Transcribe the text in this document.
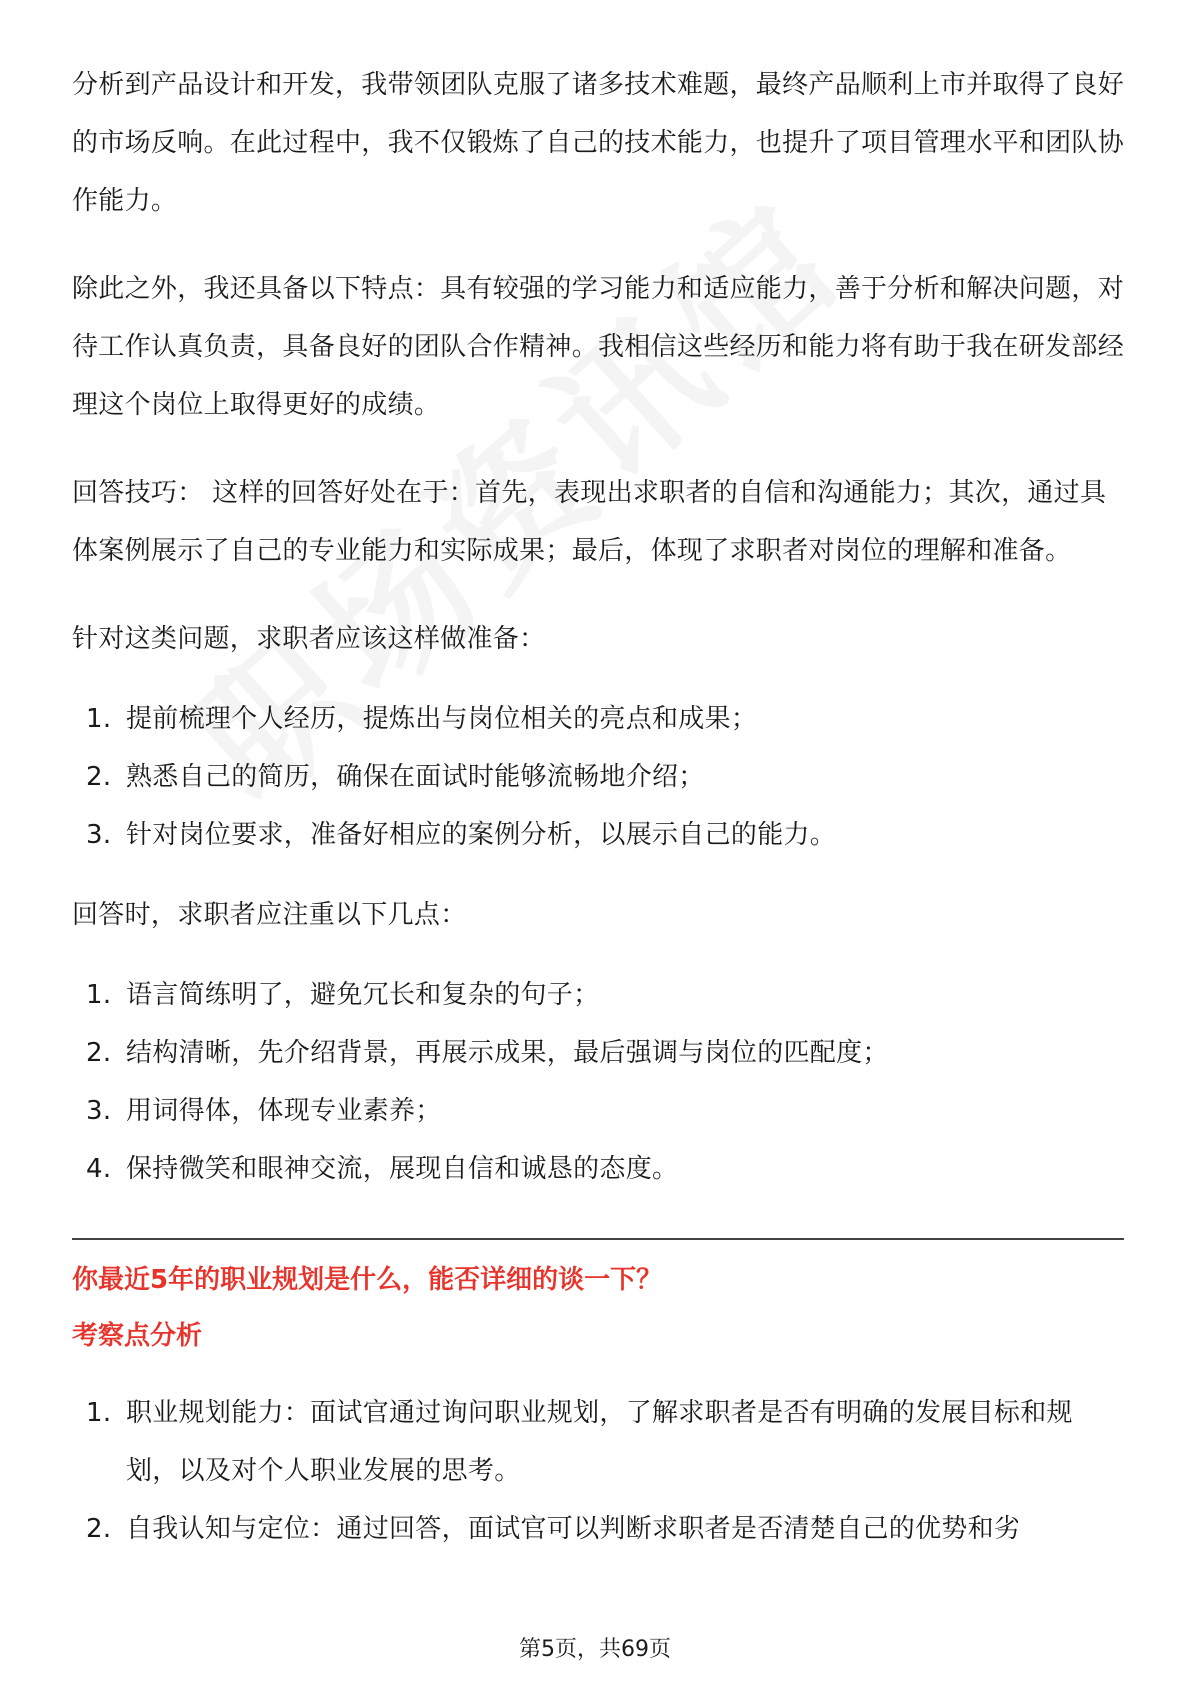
分析到产品设计和开发，我带领团队克服了诸多技术难题，最终产品顺利上市并取得了良好的市场反响。在此过程中，我不仅锻炼了自己的技术能力，也提升了项目管理水平和团队协作能力。

除此之外，我还具备以下特点：具有较强的学习能力和适应能力，善于分析和解决问题，对待工作认真负责，具备良好的团队合作精神。我相信这些经历和能力将有助于我在研发部经理这个岗位上取得更好的成绩。

回答技巧： 这样的回答好处在于：首先，表现出求职者的自信和沟通能力；其次，通过具体案例展示了自己的专业能力和实际成果；最后，体现了求职者对岗位的理解和准备。

针对这类问题，求职者应该这样做准备：

1. 提前梳理个人经历，提炼出与岗位相关的亮点和成果；
2. 熟悉自己的简历，确保在面试时能够流畅地介绍；
3. 针对岗位要求，准备好相应的案例分析，以展示自己的能力。

回答时，求职者应注重以下几点：

1. 语言简练明了，避免冗长和复杂的句子；
2. 结构清晰，先介绍背景，再展示成果，最后强调与岗位的匹配度；
3. 用词得体，体现专业素养；
4. 保持微笑和眼神交流，展现自信和诚恳的态度。

你最近5年的职业规划是什么，能否详细的谈一下？

考察点分析

1. 职业规划能力：面试官通过询问职业规划，了解求职者是否有明确的发展目标和规划，以及对个人职业发展的思考。
2. 自我认知与定位：通过回答，面试官可以判断求职者是否清楚自己的优势和劣
第5页，共69页
